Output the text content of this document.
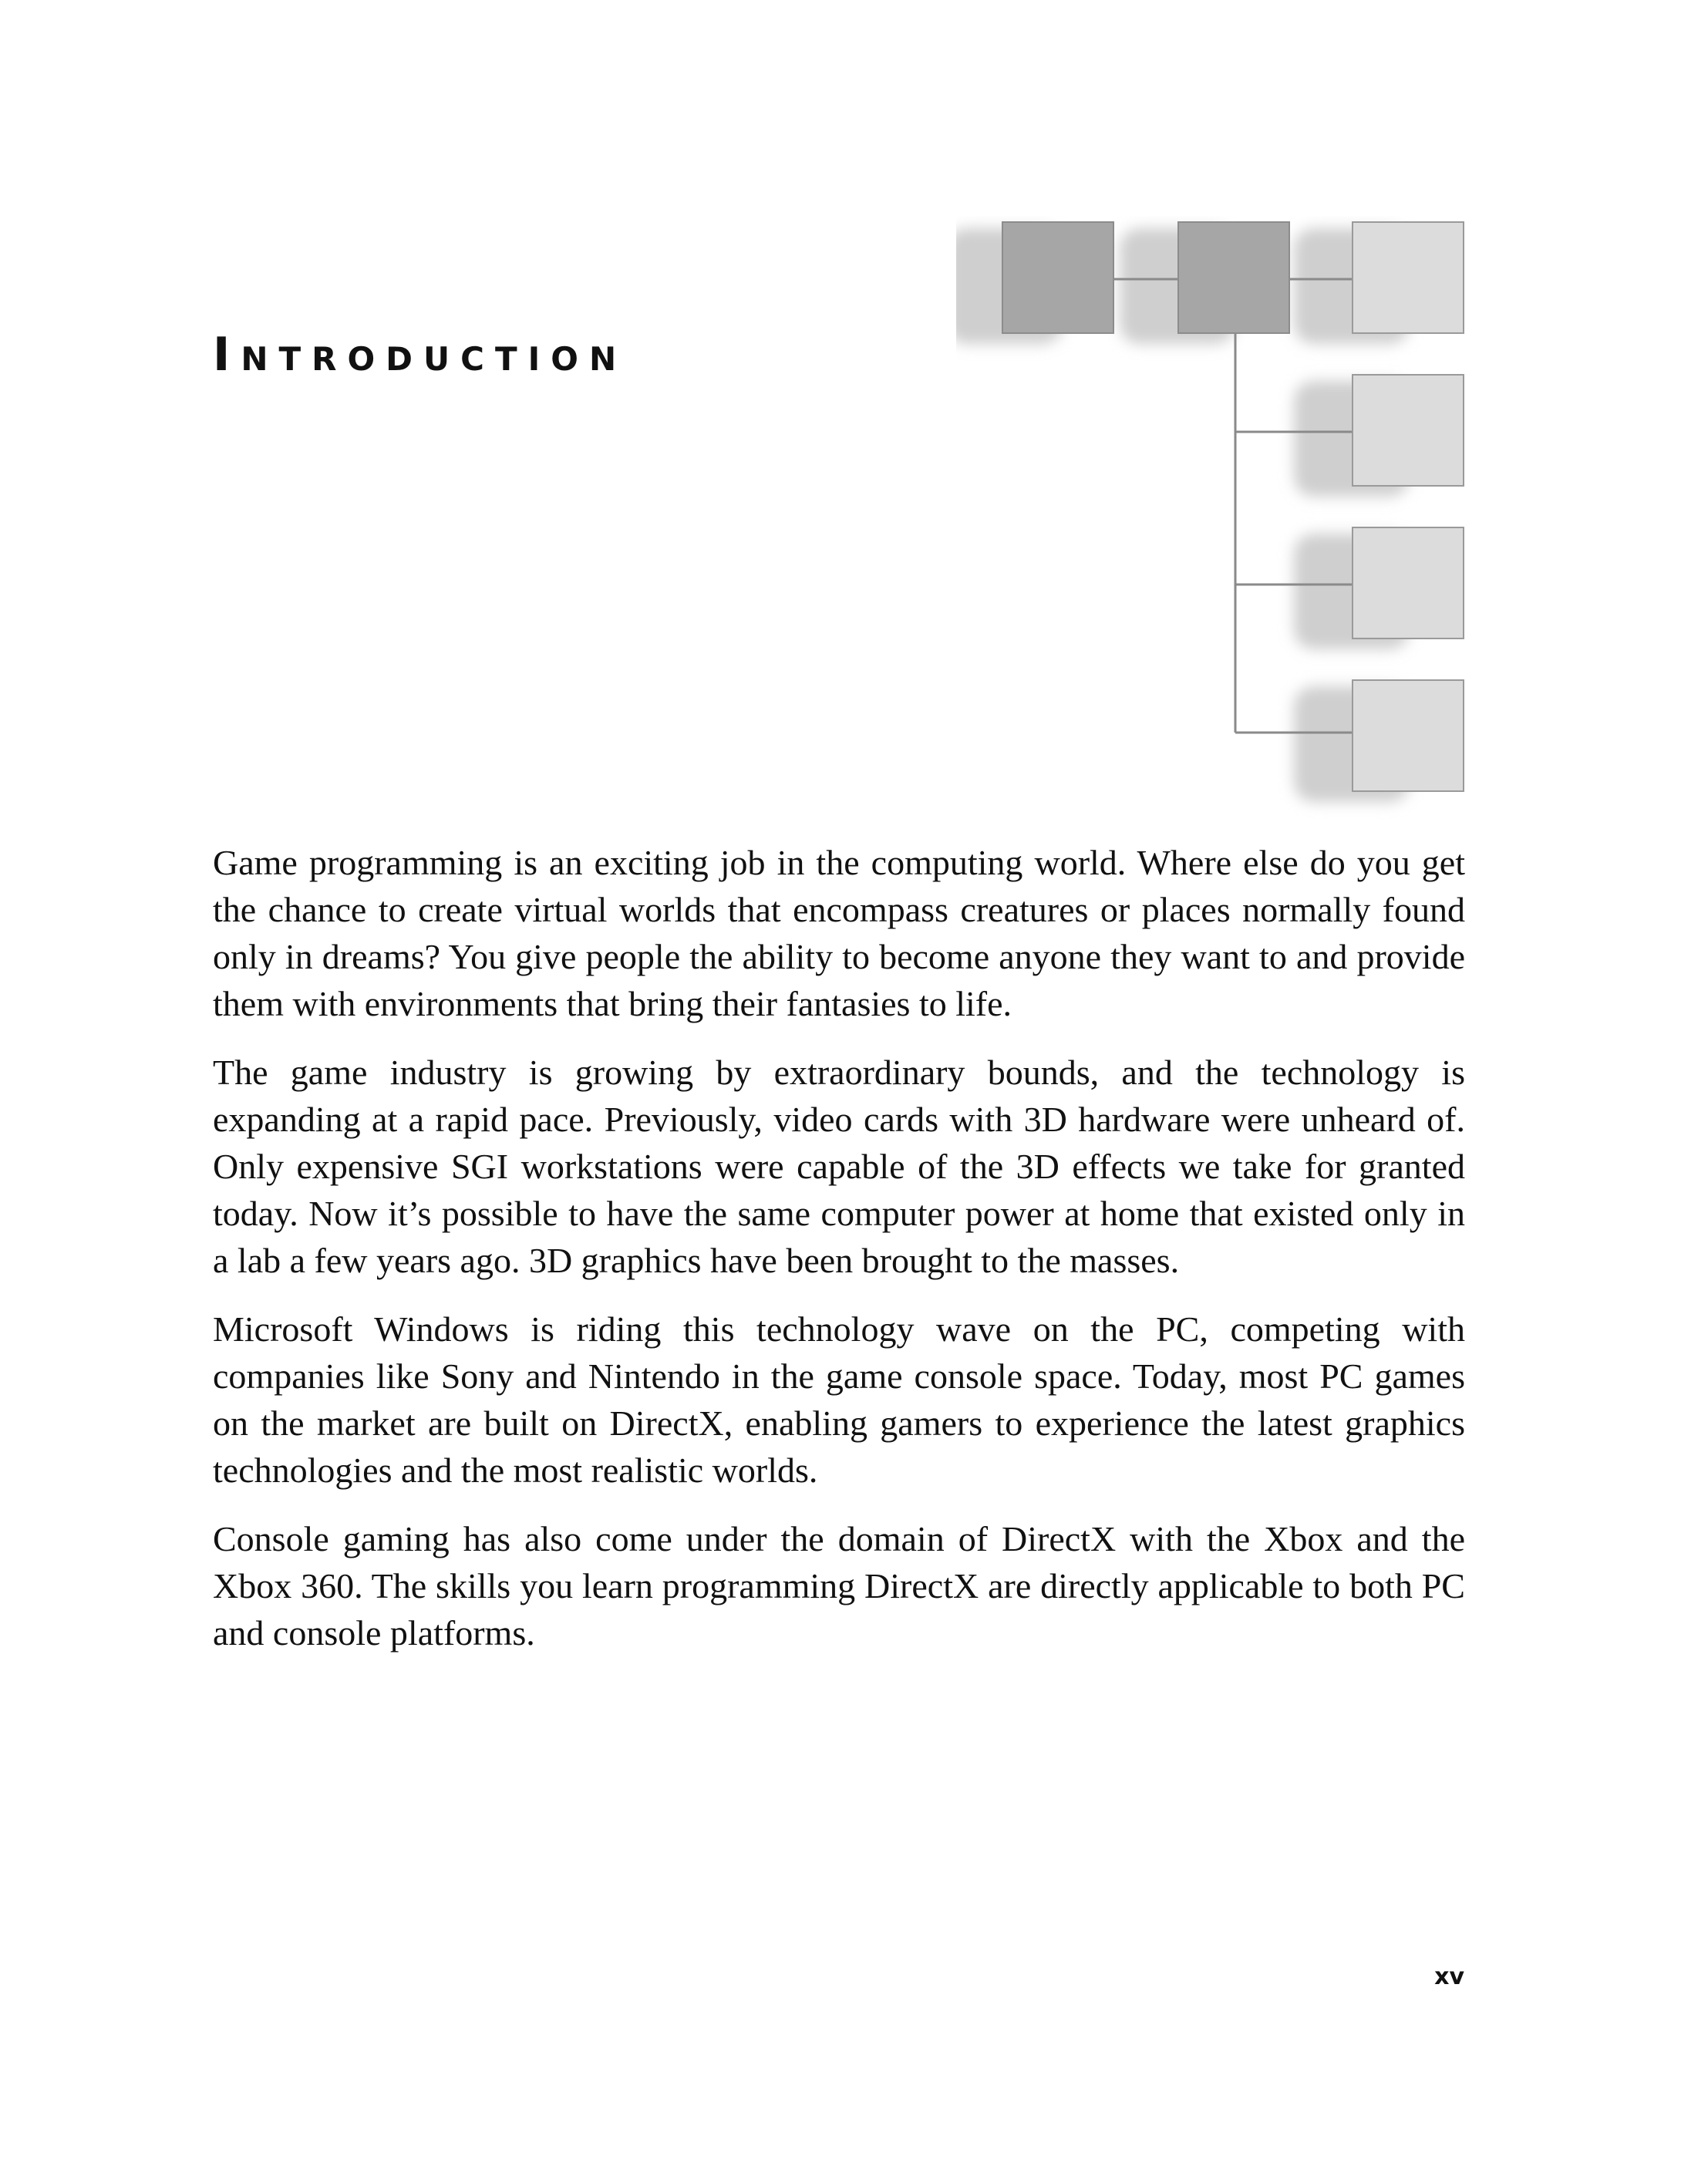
Introduction

Game programming is an exciting job in the computing world. Where else do you get the chance to create virtual worlds that encompass creatures or places normally found only in dreams? You give people the ability to become anyone they want to and provide them with environments that bring their fantasies to life.

The game industry is growing by extraordinary bounds, and the technology is expanding at a rapid pace. Previously, video cards with 3D hardware were unheard of. Only expensive SGI workstations were capable of the 3D effects we take for granted today. Now it’s possible to have the same computer power at home that existed only in a lab a few years ago. 3D graphics have been brought to the masses.

Microsoft Windows is riding this technology wave on the PC, competing with companies like Sony and Nintendo in the game console space. Today, most PC games on the market are built on DirectX, enabling gamers to experience the latest graphics technologies and the most realistic worlds.

Console gaming has also come under the domain of DirectX with the Xbox and the Xbox 360. The skills you learn programming DirectX are directly applicable to both PC and console platforms.

xv
